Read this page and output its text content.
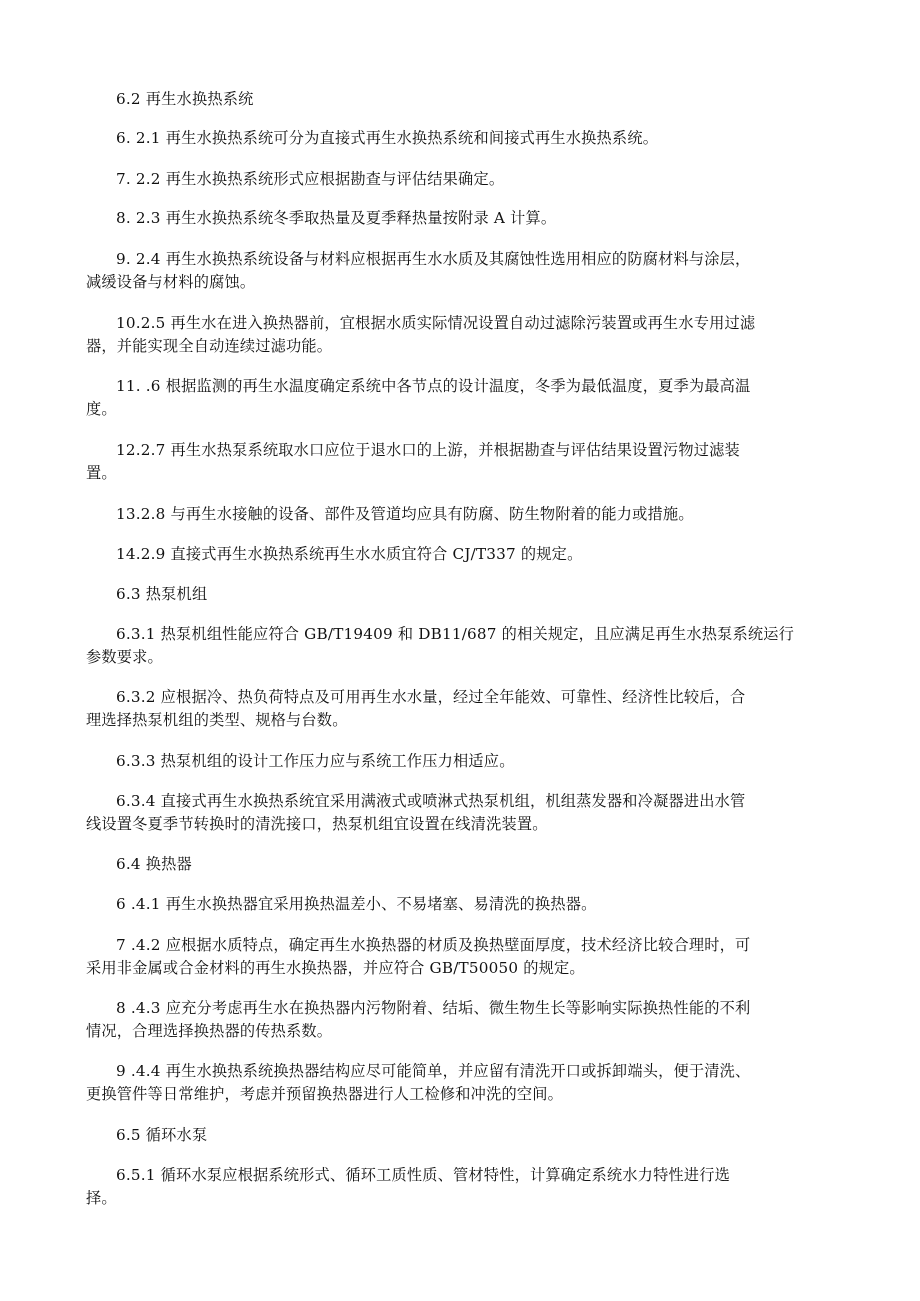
6.2 再生水换热系统
6. 2.1 再生水换热系统可分为直接式再生水换热系统和间接式再生水换热系统。
7. 2.2 再生水换热系统形式应根据勘查与评估结果确定。
8. 2.3 再生水换热系统冬季取热量及夏季释热量按附录 A 计算。
9. 2.4 再生水换热系统设备与材料应根据再生水水质及其腐蚀性选用相应的防腐材料与涂层，
减缓设备与材料的腐蚀。
10.2.5 再生水在进入换热器前，宜根据水质实际情况设置自动过滤除污装置或再生水专用过滤
器，并能实现全自动连续过滤功能。
11. .6 根据监测的再生水温度确定系统中各节点的设计温度，冬季为最低温度，夏季为最高温
度。
12.2.7 再生水热泵系统取水口应位于退水口的上游，并根据勘查与评估结果设置污物过滤装
置。
13.2.8 与再生水接触的设备、部件及管道均应具有防腐、防生物附着的能力或措施。
14.2.9 直接式再生水换热系统再生水水质宜符合 CJ/T337 的规定。
6.3 热泵机组
6.3.1 热泵机组性能应符合 GB/T19409 和 DB11/687 的相关规定，且应满足再生水热泵系统运行
参数要求。
6.3.2 应根据冷、热负荷特点及可用再生水水量，经过全年能效、可靠性、经济性比较后，合
理选择热泵机组的类型、规格与台数。
6.3.3 热泵机组的设计工作压力应与系统工作压力相适应。
6.3.4 直接式再生水换热系统宜采用满液式或喷淋式热泵机组，机组蒸发器和冷凝器进出水管
线设置冬夏季节转换时的清洗接口，热泵机组宜设置在线清洗装置。
6.4 换热器
6 .4.1 再生水换热器宜采用换热温差小、不易堵塞、易清洗的换热器。
7 .4.2 应根据水质特点，确定再生水换热器的材质及换热壁面厚度，技术经济比较合理时，可
采用非金属或合金材料的再生水换热器，并应符合 GB/T50050 的规定。
8 .4.3 应充分考虑再生水在换热器内污物附着、结垢、微生物生长等影响实际换热性能的不利
情况，合理选择换热器的传热系数。
9 .4.4 再生水换热系统换热器结构应尽可能简单，并应留有清洗开口或拆卸端头，便于清洗、
更换管件等日常维护，考虑并预留换热器进行人工检修和冲洗的空间。
6.5 循环水泵
6.5.1 循环水泵应根据系统形式、循环工质性质、管材特性，计算确定系统水力特性进行选
择。
